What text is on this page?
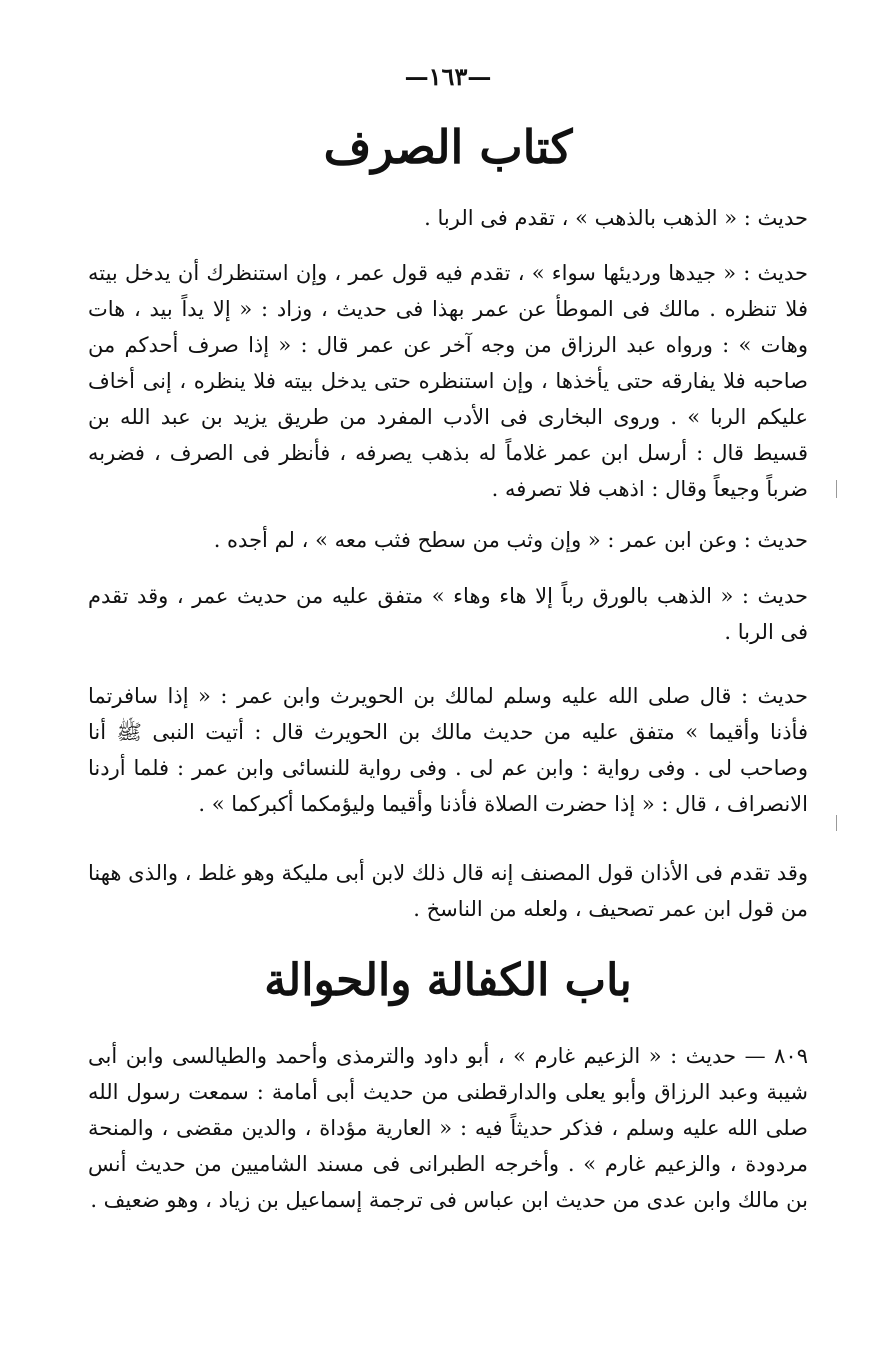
—١٦٣—
كتاب الصرف

حديث : « الذهب بالذهب » ، تقدم فى الربا .

حديث : « جيدها ورديئها سواء » ، تقدم فيه قول عمر ، وإن استنظرك أن يدخل بيته فلا تنظره . مالك فى الموطأ عن عمر بهذا فى حديث ، وزاد : « إلا يداً بيد ، هات وهات » : ورواه عبد الرزاق من وجه آخر عن عمر قال : « إذا صرف أحدكم من صاحبه فلا يفارقه حتى يأخذها ، وإن استنظره حتى يدخل بيته فلا ينظره ، إنى أخاف عليكم الربا » . وروى البخارى فى الأدب المفرد من طريق يزيد بن عبد الله بن قسيط قال : أرسل ابن عمر غلاماً له بذهب يصرفه ، فأنظر فى الصرف ، فضربه ضرباً وجيعاً وقال : اذهب فلا تصرفه .

حديث : وعن ابن عمر : « وإن وثب من سطح فثب معه » ، لم أجده .

حديث : « الذهب بالورق رباً إلا هاء وهاء » متفق عليه من حديث عمر ، وقد تقدم فى الربا .

حديث : قال صلى الله عليه وسلم لمالك بن الحويرث وابن عمر : « إذا سافرتما فأذنا وأقيما » متفق عليه من حديث مالك بن الحويرث قال : أتيت النبى ﷺ أنا وصاحب لى . وفى رواية : وابن عم لى . وفى رواية للنسائى وابن عمر : فلما أردنا الانصراف ، قال : « إذا حضرت الصلاة فأذنا وأقيما وليؤمكما أكبركما » .

وقد تقدم فى الأذان قول المصنف إنه قال ذلك لابن أبى مليكة وهو غلط ، والذى ههنا من قول ابن عمر تصحيف ، ولعله من الناسخ .

باب الكفالة والحوالة

٨٠٩ — حديث : « الزعيم غارم » ، أبو داود والترمذى وأحمد والطيالسى وابن أبى شيبة وعبد الرزاق وأبو يعلى والدارقطنى من حديث أبى أمامة : سمعت رسول الله صلى الله عليه وسلم ، فذكر حديثاً فيه : « العارية مؤداة ، والدين مقضى ، والمنحة مردودة ، والزعيم غارم » . وأخرجه الطبرانى فى مسند الشاميين من حديث أنس بن مالك وابن عدى من حديث ابن عباس فى ترجمة إسماعيل بن زياد ، وهو ضعيف .
